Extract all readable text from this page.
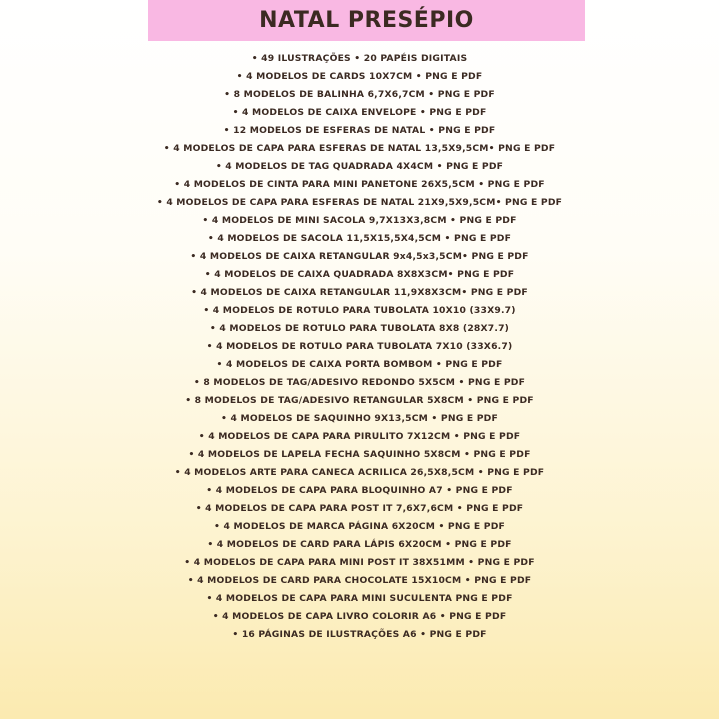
NATAL PRESÉPIO
• 49 ILUSTRAÇÕES • 20 PAPÉIS DIGITAIS
• 4 MODELOS DE CARDS 10X7CM • PNG E PDF
• 8 MODELOS DE BALINHA 6,7X6,7CM • PNG E PDF
• 4 MODELOS DE CAIXA ENVELOPE • PNG E PDF
• 12 MODELOS DE ESFERAS DE NATAL • PNG E PDF
• 4 MODELOS DE CAPA PARA ESFERAS DE NATAL 13,5X9,5CM• PNG E PDF
• 4 MODELOS DE TAG QUADRADA 4X4CM • PNG E PDF
• 4 MODELOS DE CINTA PARA MINI PANETONE 26X5,5CM • PNG E PDF
• 4 MODELOS DE CAPA PARA ESFERAS DE NATAL 21X9,5X9,5CM• PNG E PDF
• 4 MODELOS DE MINI SACOLA 9,7X13X3,8CM • PNG E PDF
• 4 MODELOS DE SACOLA 11,5X15,5X4,5CM • PNG E PDF
• 4 MODELOS DE CAIXA RETANGULAR 9x4,5x3,5CM• PNG E PDF
• 4 MODELOS DE CAIXA QUADRADA 8X8X3CM• PNG E PDF
• 4 MODELOS DE CAIXA RETANGULAR 11,9X8X3CM• PNG E PDF
• 4 MODELOS DE ROTULO PARA TUBOLATA 10X10 (33X9.7)
• 4 MODELOS DE ROTULO PARA TUBOLATA 8X8 (28X7.7)
• 4 MODELOS DE ROTULO PARA TUBOLATA 7X10 (33X6.7)
• 4 MODELOS DE CAIXA PORTA BOMBOM • PNG E PDF
• 8 MODELOS DE TAG/ADESIVO REDONDO 5X5CM • PNG E PDF
• 8 MODELOS DE TAG/ADESIVO RETANGULAR 5X8CM • PNG E PDF
• 4 MODELOS DE SAQUINHO 9X13,5CM • PNG E PDF
• 4 MODELOS DE CAPA PARA PIRULITO 7X12CM • PNG E PDF
• 4 MODELOS DE LAPELA FECHA SAQUINHO 5X8CM • PNG E PDF
• 4 MODELOS ARTE PARA CANECA ACRILICA 26,5X8,5CM • PNG E PDF
• 4 MODELOS DE CAPA PARA BLOQUINHO A7 • PNG E PDF
• 4 MODELOS DE CAPA PARA POST IT 7,6X7,6CM • PNG E PDF
• 4 MODELOS DE MARCA PÁGINA 6X20CM • PNG E PDF
• 4 MODELOS DE CARD PARA LÁPIS 6X20CM • PNG E PDF
• 4 MODELOS DE CAPA PARA MINI POST IT 38X51MM • PNG E PDF
• 4 MODELOS DE CARD PARA CHOCOLATE 15X10CM • PNG E PDF
• 4 MODELOS DE CAPA PARA MINI SUCULENTA PNG E PDF
• 4 MODELOS DE CAPA LIVRO COLORIR A6 • PNG E PDF
• 16 PÁGINAS DE ILUSTRAÇÕES A6 • PNG E PDF
